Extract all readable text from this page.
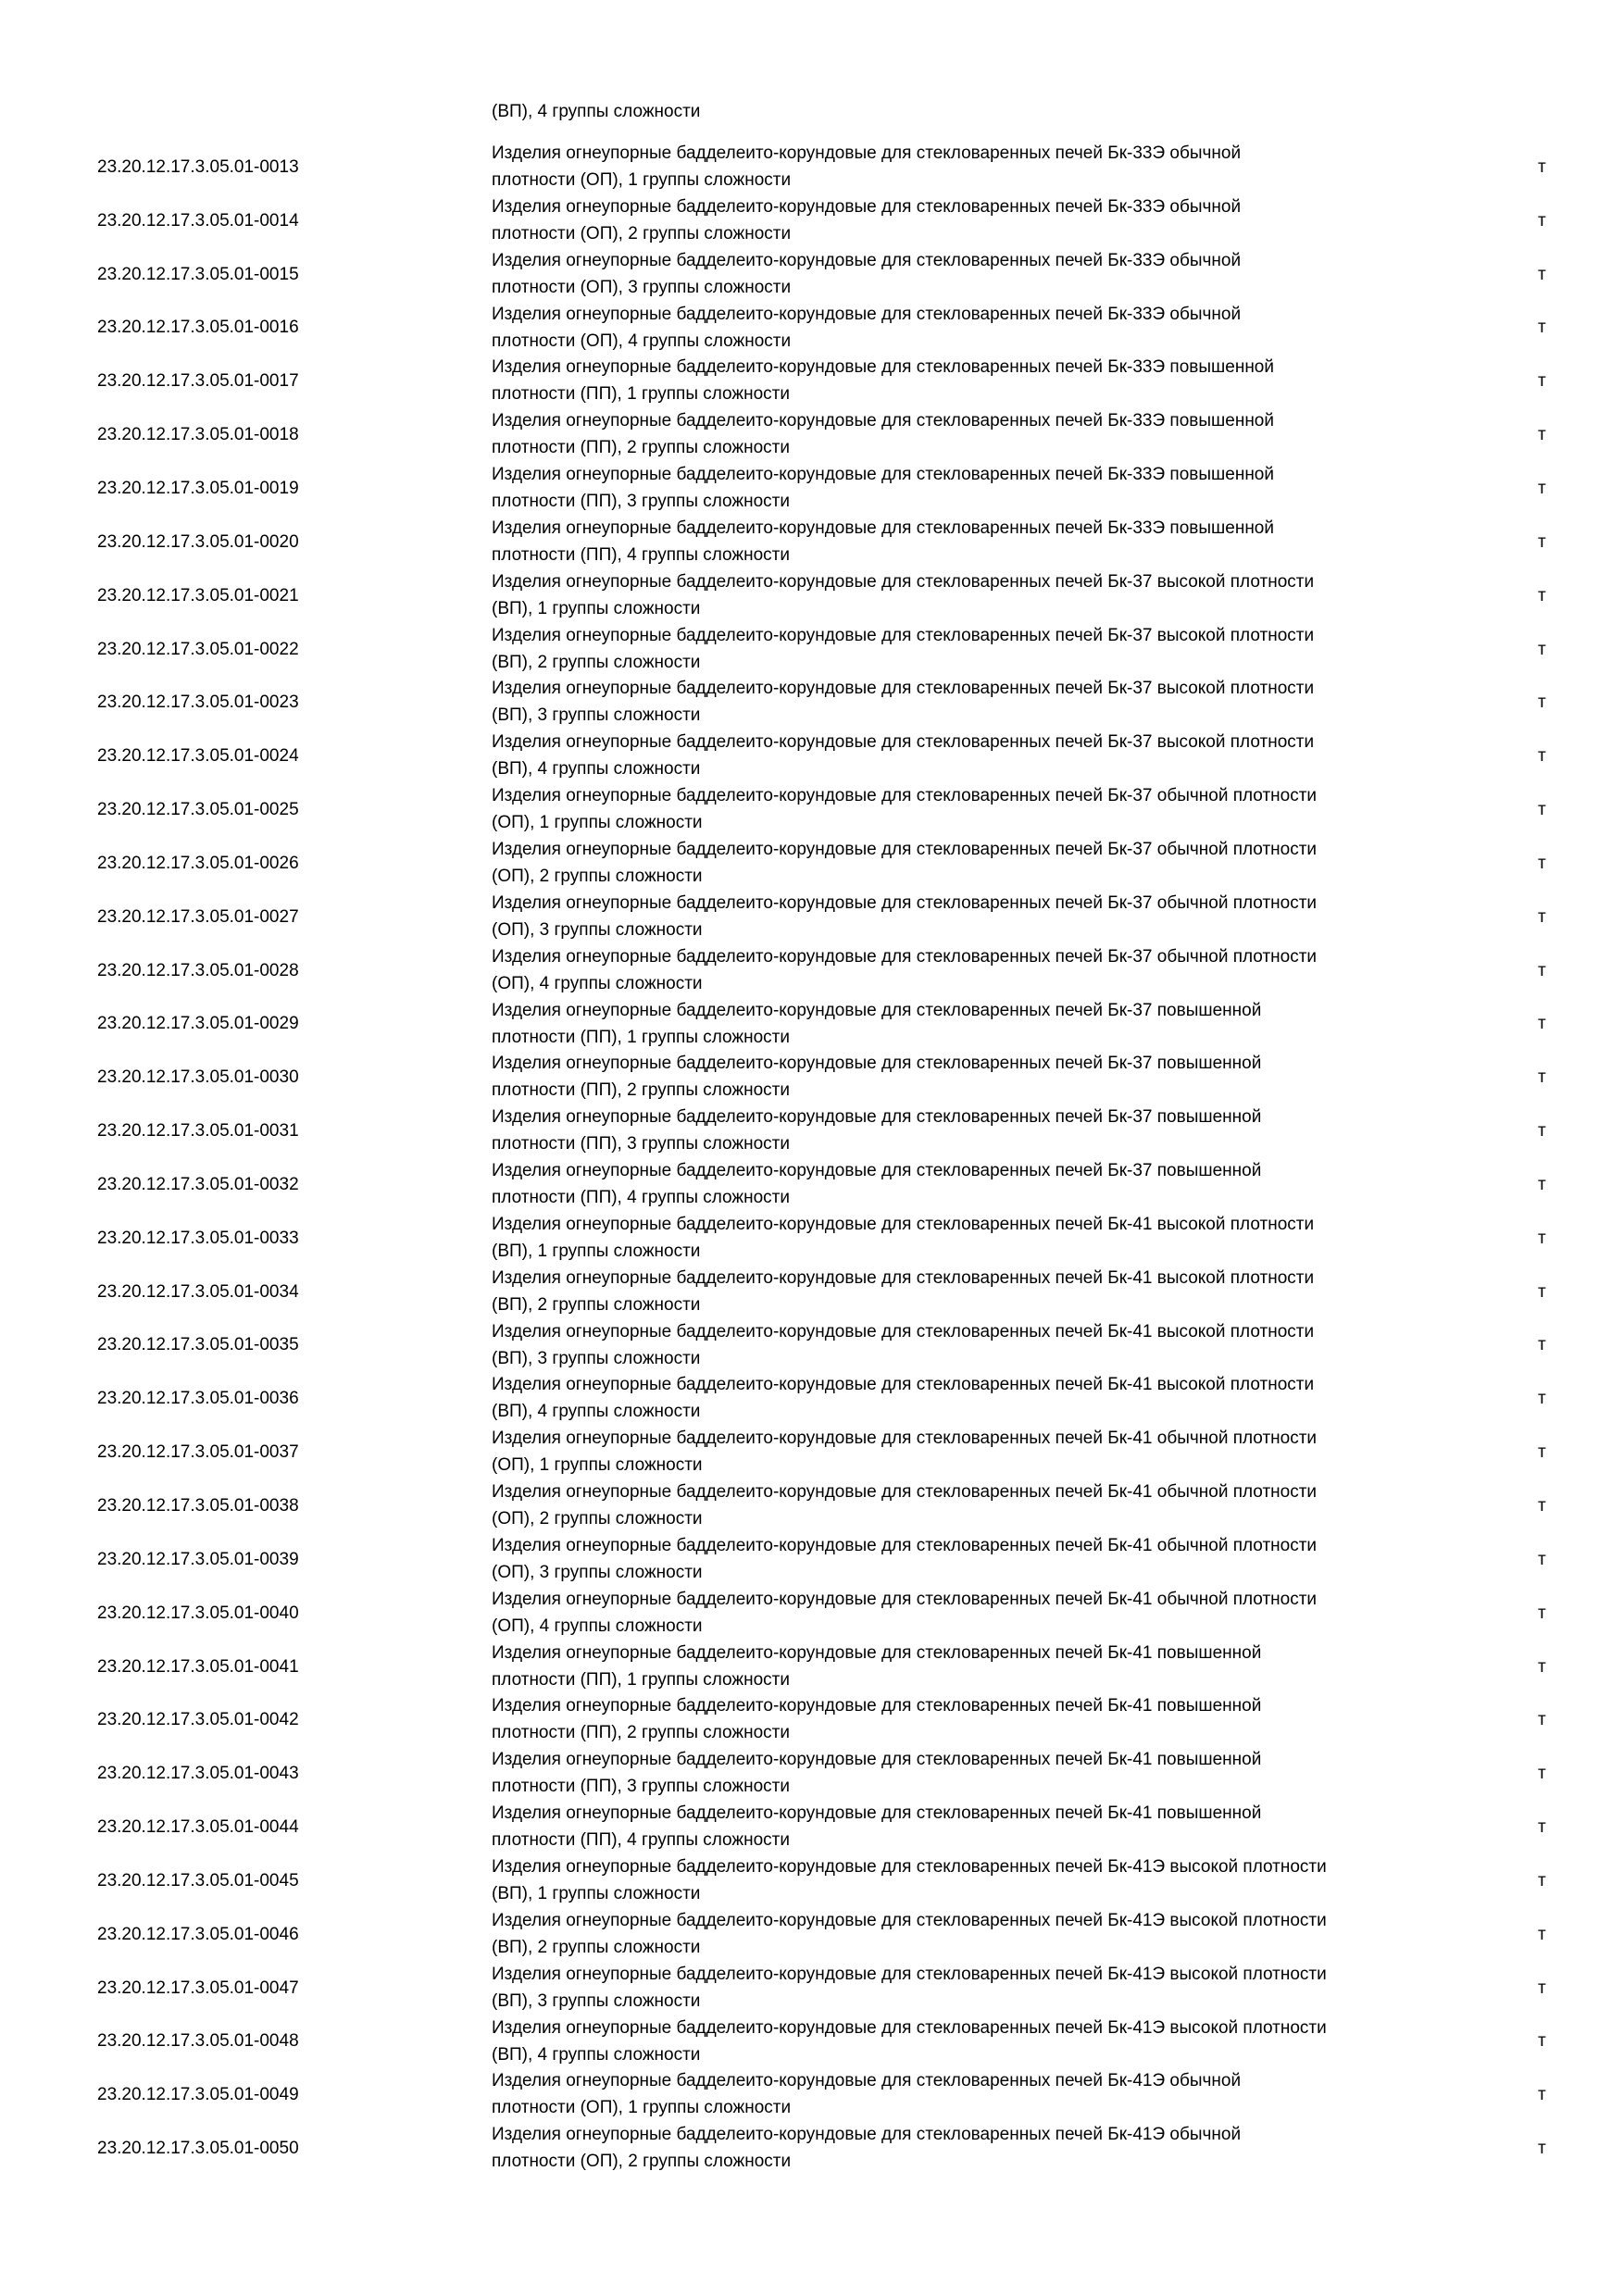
(ВП), 4 группы сложности
23.20.12.17.3.05.01-0013
Изделия огнеупорные бадделеито-корундовые для стекловаренных печей Бк-33Э обычной
плотности (ОП), 1 группы сложности
т
23.20.12.17.3.05.01-0014
Изделия огнеупорные бадделеито-корундовые для стекловаренных печей Бк-33Э обычной
плотности (ОП), 2 группы сложности
т
23.20.12.17.3.05.01-0015
Изделия огнеупорные бадделеито-корундовые для стекловаренных печей Бк-33Э обычной
плотности (ОП), 3 группы сложности
т
23.20.12.17.3.05.01-0016
Изделия огнеупорные бадделеито-корундовые для стекловаренных печей Бк-33Э обычной
плотности (ОП), 4 группы сложности
т
23.20.12.17.3.05.01-0017
Изделия огнеупорные бадделеито-корундовые для стекловаренных печей Бк-33Э повышенной
плотности (ПП), 1 группы сложности
т
23.20.12.17.3.05.01-0018
Изделия огнеупорные бадделеито-корундовые для стекловаренных печей Бк-33Э повышенной
плотности (ПП), 2 группы сложности
т
23.20.12.17.3.05.01-0019
Изделия огнеупорные бадделеито-корундовые для стекловаренных печей Бк-33Э повышенной
плотности (ПП), 3 группы сложности
т
23.20.12.17.3.05.01-0020
Изделия огнеупорные бадделеито-корундовые для стекловаренных печей Бк-33Э повышенной
плотности (ПП), 4 группы сложности
т
23.20.12.17.3.05.01-0021
Изделия огнеупорные бадделеито-корундовые для стекловаренных печей Бк-37 высокой плотности
(ВП), 1 группы сложности
т
23.20.12.17.3.05.01-0022
Изделия огнеупорные бадделеито-корундовые для стекловаренных печей Бк-37 высокой плотности
(ВП), 2 группы сложности
т
23.20.12.17.3.05.01-0023
Изделия огнеупорные бадделеито-корундовые для стекловаренных печей Бк-37 высокой плотности
(ВП), 3 группы сложности
т
23.20.12.17.3.05.01-0024
Изделия огнеупорные бадделеито-корундовые для стекловаренных печей Бк-37 высокой плотности
(ВП), 4 группы сложности
т
23.20.12.17.3.05.01-0025
Изделия огнеупорные бадделеито-корундовые для стекловаренных печей Бк-37 обычной плотности
(ОП), 1 группы сложности
т
23.20.12.17.3.05.01-0026
Изделия огнеупорные бадделеито-корундовые для стекловаренных печей Бк-37 обычной плотности
(ОП), 2 группы сложности
т
23.20.12.17.3.05.01-0027
Изделия огнеупорные бадделеито-корундовые для стекловаренных печей Бк-37 обычной плотности
(ОП), 3 группы сложности
т
23.20.12.17.3.05.01-0028
Изделия огнеупорные бадделеито-корундовые для стекловаренных печей Бк-37 обычной плотности
(ОП), 4 группы сложности
т
23.20.12.17.3.05.01-0029
Изделия огнеупорные бадделеито-корундовые для стекловаренных печей Бк-37 повышенной
плотности (ПП), 1 группы сложности
т
23.20.12.17.3.05.01-0030
Изделия огнеупорные бадделеито-корундовые для стекловаренных печей Бк-37 повышенной
плотности (ПП), 2 группы сложности
т
23.20.12.17.3.05.01-0031
Изделия огнеупорные бадделеито-корундовые для стекловаренных печей Бк-37 повышенной
плотности (ПП), 3 группы сложности
т
23.20.12.17.3.05.01-0032
Изделия огнеупорные бадделеито-корундовые для стекловаренных печей Бк-37 повышенной
плотности (ПП), 4 группы сложности
т
23.20.12.17.3.05.01-0033
Изделия огнеупорные бадделеито-корундовые для стекловаренных печей Бк-41 высокой плотности
(ВП), 1 группы сложности
т
23.20.12.17.3.05.01-0034
Изделия огнеупорные бадделеито-корундовые для стекловаренных печей Бк-41 высокой плотности
(ВП), 2 группы сложности
т
23.20.12.17.3.05.01-0035
Изделия огнеупорные бадделеито-корундовые для стекловаренных печей Бк-41 высокой плотности
(ВП), 3 группы сложности
т
23.20.12.17.3.05.01-0036
Изделия огнеупорные бадделеито-корундовые для стекловаренных печей Бк-41 высокой плотности
(ВП), 4 группы сложности
т
23.20.12.17.3.05.01-0037
Изделия огнеупорные бадделеито-корундовые для стекловаренных печей Бк-41 обычной плотности
(ОП), 1 группы сложности
т
23.20.12.17.3.05.01-0038
Изделия огнеупорные бадделеито-корундовые для стекловаренных печей Бк-41 обычной плотности
(ОП), 2 группы сложности
т
23.20.12.17.3.05.01-0039
Изделия огнеупорные бадделеито-корундовые для стекловаренных печей Бк-41 обычной плотности
(ОП), 3 группы сложности
т
23.20.12.17.3.05.01-0040
Изделия огнеупорные бадделеито-корундовые для стекловаренных печей Бк-41 обычной плотности
(ОП), 4 группы сложности
т
23.20.12.17.3.05.01-0041
Изделия огнеупорные бадделеито-корундовые для стекловаренных печей Бк-41 повышенной
плотности (ПП), 1 группы сложности
т
23.20.12.17.3.05.01-0042
Изделия огнеупорные бадделеито-корундовые для стекловаренных печей Бк-41 повышенной
плотности (ПП), 2 группы сложности
т
23.20.12.17.3.05.01-0043
Изделия огнеупорные бадделеито-корундовые для стекловаренных печей Бк-41 повышенной
плотности (ПП), 3 группы сложности
т
23.20.12.17.3.05.01-0044
Изделия огнеупорные бадделеито-корундовые для стекловаренных печей Бк-41 повышенной
плотности (ПП), 4 группы сложности
т
23.20.12.17.3.05.01-0045
Изделия огнеупорные бадделеито-корундовые для стекловаренных печей Бк-41Э высокой плотности
(ВП), 1 группы сложности
т
23.20.12.17.3.05.01-0046
Изделия огнеупорные бадделеито-корундовые для стекловаренных печей Бк-41Э высокой плотности
(ВП), 2 группы сложности
т
23.20.12.17.3.05.01-0047
Изделия огнеупорные бадделеито-корундовые для стекловаренных печей Бк-41Э высокой плотности
(ВП), 3 группы сложности
т
23.20.12.17.3.05.01-0048
Изделия огнеупорные бадделеито-корундовые для стекловаренных печей Бк-41Э высокой плотности
(ВП), 4 группы сложности
т
23.20.12.17.3.05.01-0049
Изделия огнеупорные бадделеито-корундовые для стекловаренных печей Бк-41Э обычной
плотности (ОП), 1 группы сложности
т
23.20.12.17.3.05.01-0050
Изделия огнеупорные бадделеито-корундовые для стекловаренных печей Бк-41Э обычной
плотности (ОП), 2 группы сложности
т
